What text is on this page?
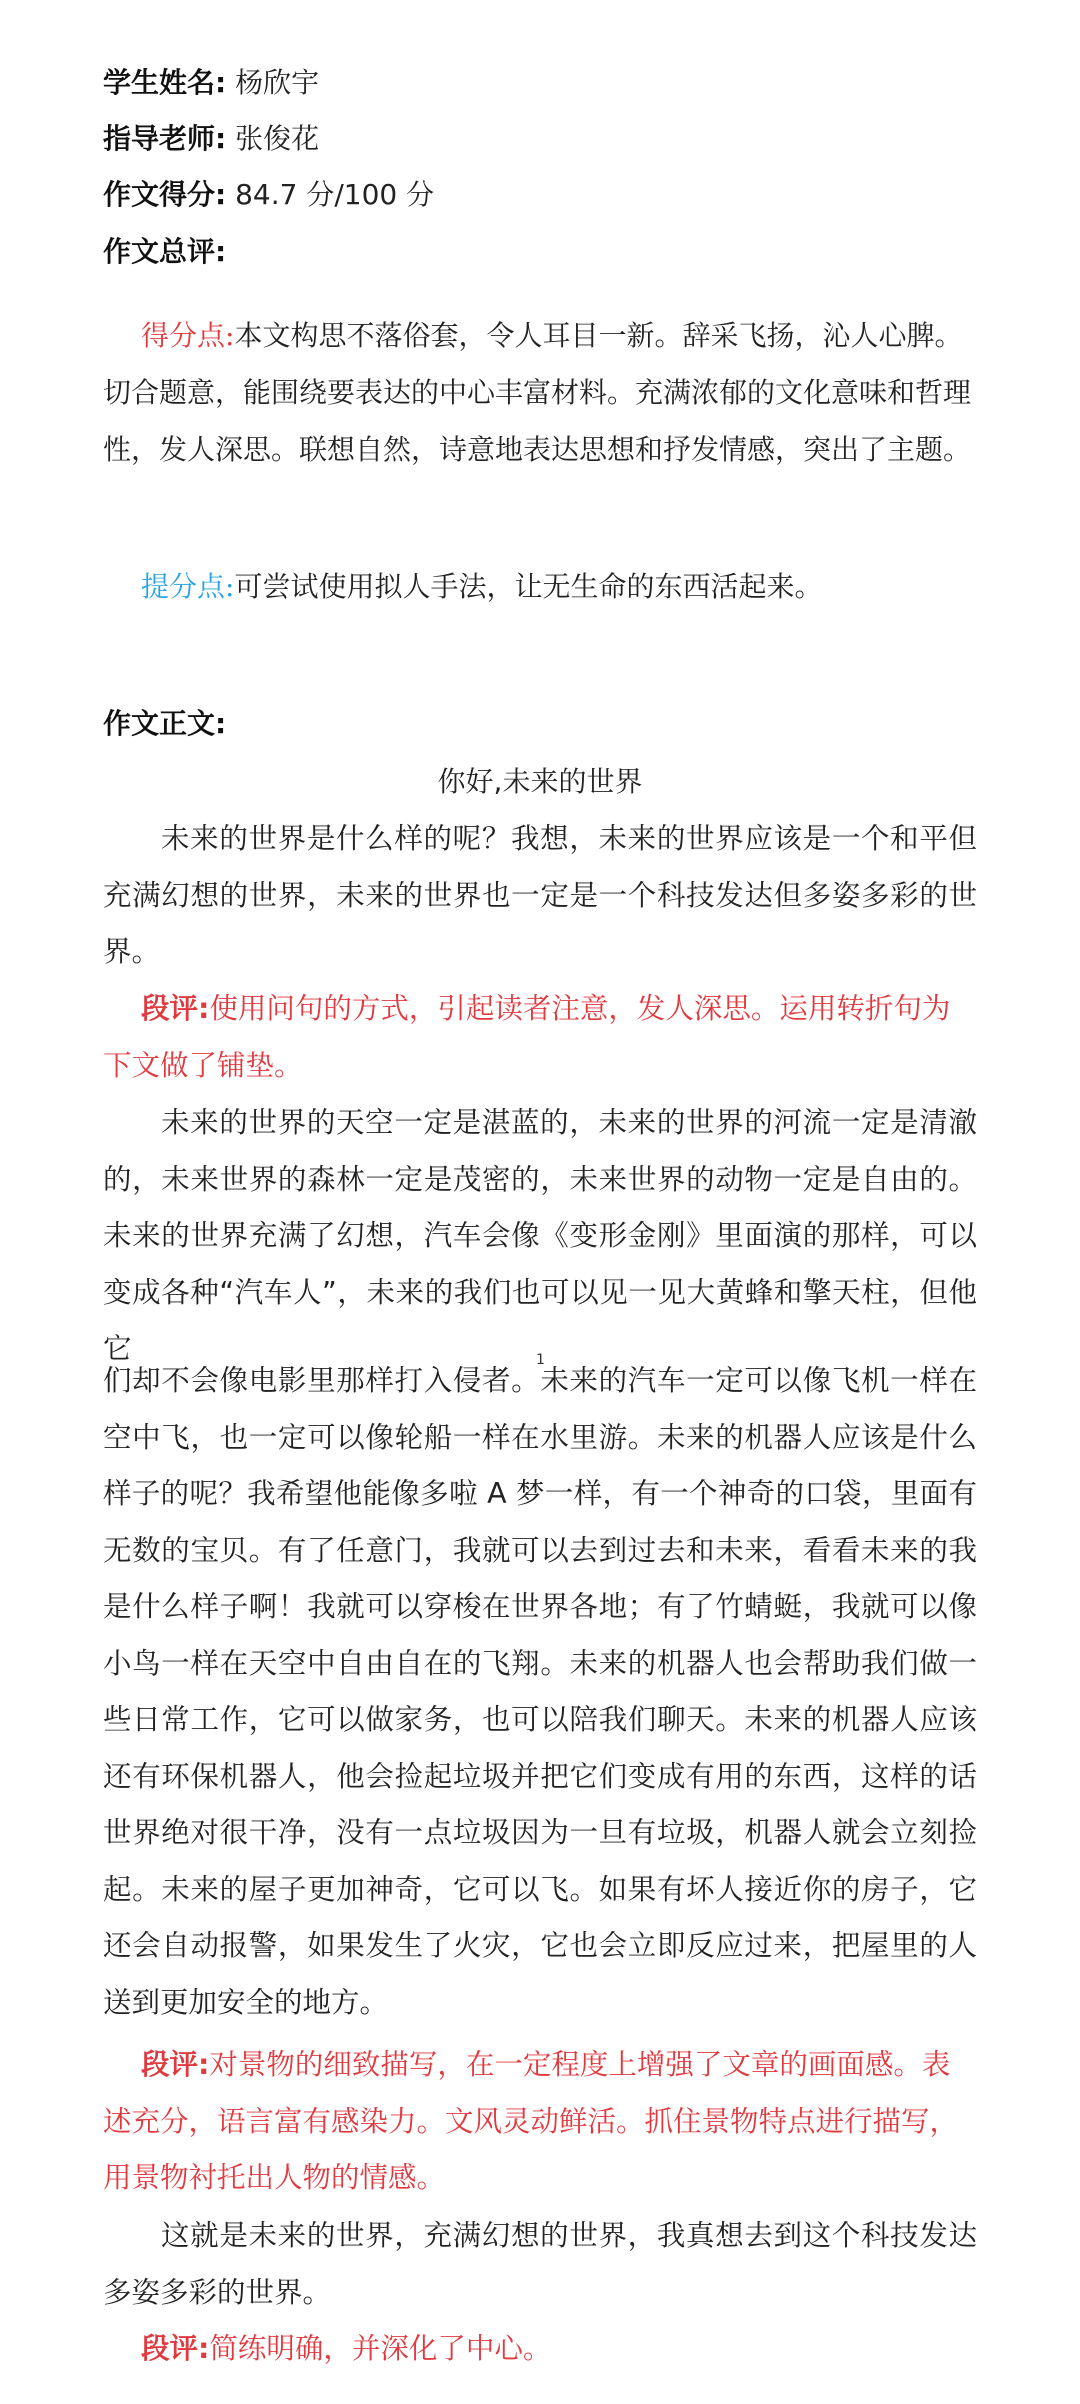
学生姓名: 杨欣宇
指导老师: 张俊花
作文得分: 84.7 分/100 分
作文总评:
得分点:本文构思不落俗套，令人耳目一新。辞采飞扬，沁人心脾。切合题意，能围绕要表达的中心丰富材料。充满浓郁的文化意味和哲理性，发人深思。联想自然，诗意地表达思想和抒发情感，突出了主题。
提分点:可尝试使用拟人手法，让无生命的东西活起来。
作文正文:
你好,未来的世界
未来的世界是什么样的呢？我想，未来的世界应该是一个和平但充满幻想的世界，未来的世界也一定是一个科技发达但多姿多彩的世界。
段评:使用问句的方式，引起读者注意，发人深思。运用转折句为下文做了铺垫。
未来的世界的天空一定是湛蓝的，未来的世界的河流一定是清澈的，未来世界的森林一定是茂密的，未来世界的动物一定是自由的。未来的世界充满了幻想，汽车会像《变形金刚》里面演的那样，可以变成各种“汽车人”，未来的我们也可以见一见大黄蜂和擎天柱，但他它	1
们却不会像电影里那样打入侵者。未来的汽车一定可以像飞机一样在空中飞，也一定可以像轮船一样在水里游。未来的机器人应该是什么样子的呢？我希望他能像多啦 A 梦一样，有一个神奇的口袋，里面有无数的宝贝。有了任意门，我就可以去到过去和未来，看看未来的我是什么样子啊！我就可以穿梭在世界各地；有了竹蜻蜓，我就可以像小鸟一样在天空中自由自在的飞翔。未来的机器人也会帮助我们做一些日常工作，它可以做家务，也可以陪我们聊天。未来的机器人应该还有环保机器人，他会捡起垃圾并把它们变成有用的东西，这样的话世界绝对很干净，没有一点垃圾因为一旦有垃圾，机器人就会立刻捡起。未来的屋子更加神奇，它可以飞。如果有坏人接近你的房子，它还会自动报警，如果发生了火灾，它也会立即反应过来，把屋里的人送到更加安全的地方。
段评:对景物的细致描写，在一定程度上增强了文章的画面感。表述充分，语言富有感染力。文风灵动鲜活。抓住景物特点进行描写，用景物衬托出人物的情感。
这就是未来的世界，充满幻想的世界，我真想去到这个科技发达多姿多彩的世界。
段评:简练明确，并深化了中心。
